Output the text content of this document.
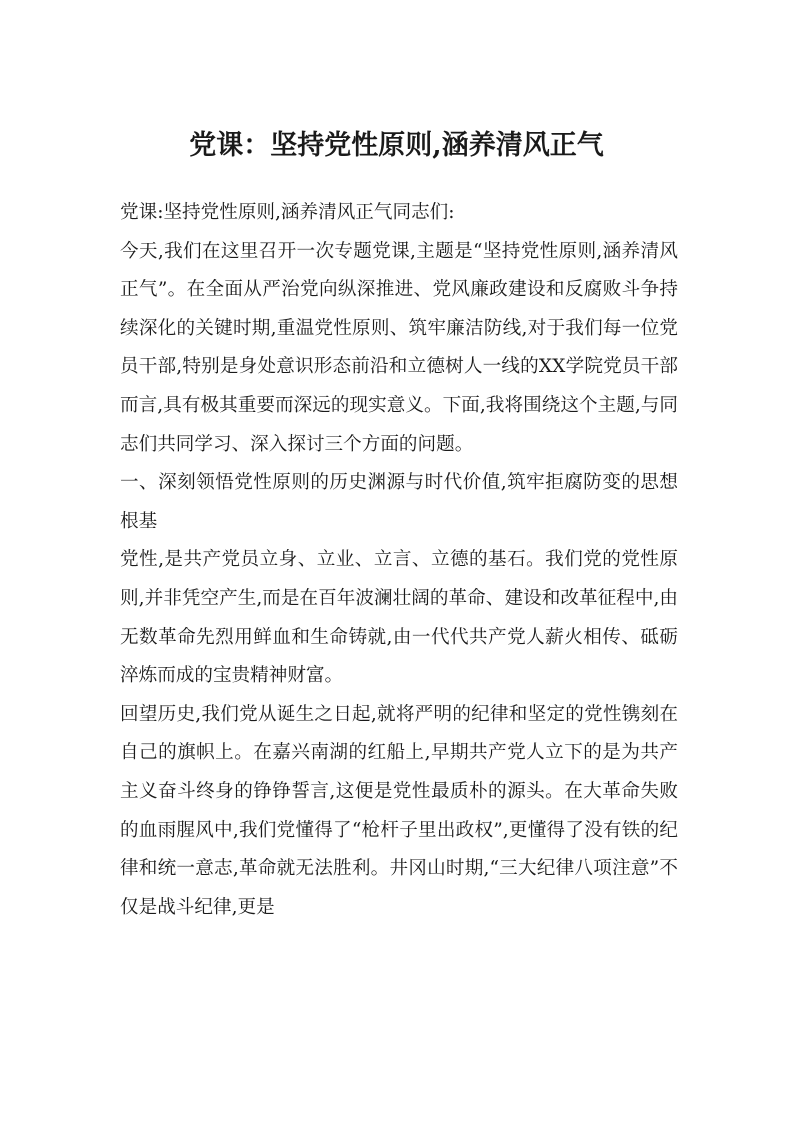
党课：坚持党性原则,涵养清风正气

党课:坚持党性原则,涵养清风正气同志们:

今天,我们在这里召开一次专题党课,主题是“坚持党性原则,涵养清风正气”。在全面从严治党向纵深推进、党风廉政建设和反腐败斗争持续深化的关键时期,重温党性原则、筑牢廉洁防线,对于我们每一位党员干部,特别是身处意识形态前沿和立德树人一线的XX学院党员干部而言,具有极其重要而深远的现实意义。下面,我将围绕这个主题,与同志们共同学习、深入探讨三个方面的问题。

一、深刻领悟党性原则的历史渊源与时代价值,筑牢拒腐防变的思想根基

党性,是共产党员立身、立业、立言、立德的基石。我们党的党性原则,并非凭空产生,而是在百年波澜壮阔的革命、建设和改革征程中,由无数革命先烈用鲜血和生命铸就,由一代代共产党人薪火相传、砥砺淬炼而成的宝贵精神财富。

回望历史,我们党从诞生之日起,就将严明的纪律和坚定的党性镌刻在自己的旗帜上。在嘉兴南湖的红船上,早期共产党人立下的是为共产主义奋斗终身的铮铮誓言,这便是党性最质朴的源头。在大革命失败的血雨腥风中,我们党懂得了“枪杆子里出政权”,更懂得了没有铁的纪律和统一意志,革命就无法胜利。井冈山时期,“三大纪律八项注意”不仅是战斗纪律,更是
